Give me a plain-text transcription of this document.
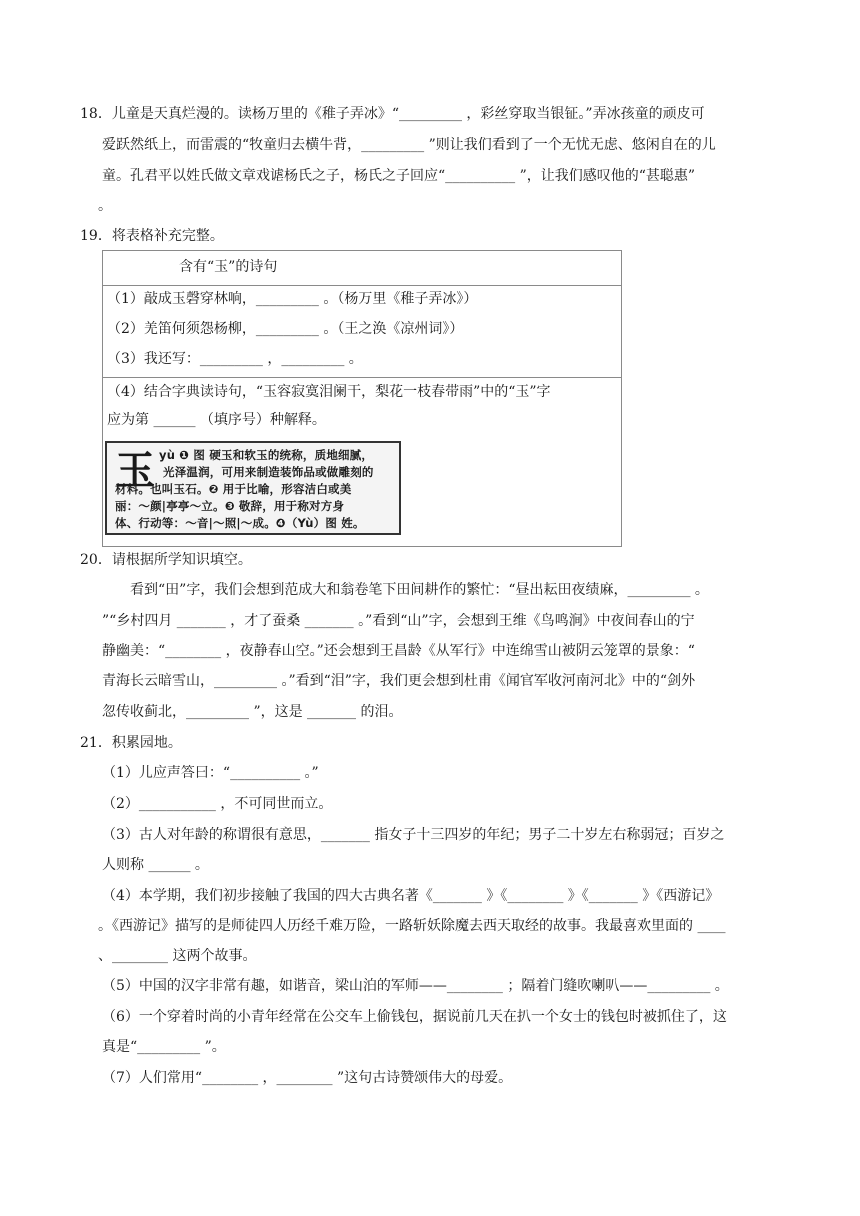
18．儿童是天真烂漫的。读杨万里的《稚子弄冰》“_________ ，彩丝穿取当银钲。”弄冰孩童的顽皮可
爱跃然纸上，而雷震的“牧童归去横牛背，_________ ”则让我们看到了一个无忧无虑、悠闲自在的儿
童。孔君平以姓氏做文章戏谑杨氏之子，杨氏之子回应“__________ ”，让我们感叹他的“甚聪惠”
。
19．将表格补充完整。
含有“玉”的诗句
（1）敲成玉磬穿林响，_________ 。（杨万里《稚子弄冰》）
（2）羌笛何须怨杨柳，_________ 。（王之涣《凉州词》）
（3）我还写：_________ ，_________ 。
（4）结合字典读诗句，“玉容寂寞泪阑干，梨花一枝春带雨”中的“玉”字
应为第 ______ （填序号）种解释。
玉 yù ❶ 图 硬玉和软玉的统称，质地细腻，
光泽温润，可用来制造装饰品或做雕刻的
材料。也叫玉石。❷ 用于比喻，形容洁白或美
丽：～颜|亭亭～立。❸ 敬辞，用于称对方身
体、行动等：～音|～照|～成。❹（Yù）图 姓。
20．请根据所学知识填空。
看到“田”字，我们会想到范成大和翁卷笔下田间耕作的繁忙：“昼出耘田夜绩麻，_________ 。
”“乡村四月 _______ ，才了蚕桑 _______ 。”看到“山”字，会想到王维《鸟鸣涧》中夜间春山的宁
静幽美：“________ ，夜静春山空。”还会想到王昌龄《从军行》中连绵雪山被阴云笼罩的景象：“
青海长云暗雪山，_________ 。”看到“泪”字，我们更会想到杜甫《闻官军收河南河北》中的“剑外
忽传收蓟北，_________ ”，这是 _______ 的泪。
21．积累园地。
（1）儿应声答曰：“__________ 。”
（2）___________ ，不可同世而立。
（3）古人对年龄的称谓很有意思，_______ 指女子十三四岁的年纪；男子二十岁左右称弱冠；百岁之
人则称 ______ 。
（4）本学期，我们初步接触了我国的四大古典名著《_______ 》《________ 》《_______ 》《西游记》
。《西游记》描写的是师徒四人历经千难万险，一路斩妖除魔去西天取经的故事。我最喜欢里面的 ____
、________ 这两个故事。
（5）中国的汉字非常有趣，如谐音，梁山泊的军师——________ ；隔着门缝吹喇叭——_________ 。
（6）一个穿着时尚的小青年经常在公交车上偷钱包，据说前几天在扒一个女士的钱包时被抓住了，这
真是“_________ ”。
（7）人们常用“________ ，________ ”这句古诗赞颂伟大的母爱。
